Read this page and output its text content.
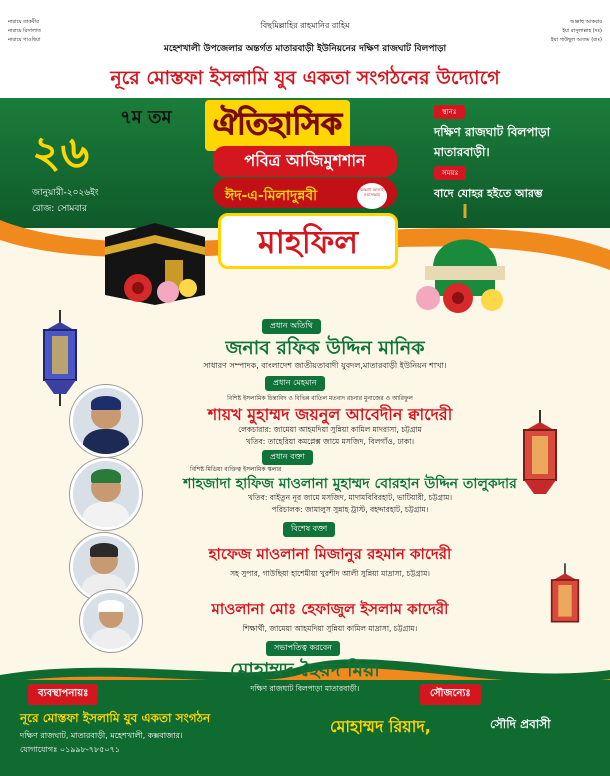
নারায়ে তাকবীর
নারায়ে রিসালাত
নারায়ে গাওছিয়া
আল্লাহু আকবার
ইয়া রাসুলাল্লাহ (দঃ)
ইয়া গাউছুল আজম (রাঃ)
বিছমিল্লাহির রাহমানির রাহিম
মহেশখালী উপজেলার অন্তর্গত মাতারবাড়ী ইউনিয়নের দক্ষিণ রাজঘাট বিলপাড়া
নূরে মোস্তফা ইসলামি যুব একতা সংগঠনের উদ্যোগে
২৬
জানুয়ারী-২০২৬ইং
রোজ: সোমবার
৭ম তম ঐতিহাসিক
পবিত্র আজিমুশশান
ঈদ-এ-মিলাদুন্নবী	সাল্লাল্লাহু আলাইহি ওয়াসাল্লাম
মাহফিল
স্থানঃ
দক্ষিণ রাজঘাট বিলপাড়া
মাতারবাড়ী।
সময়ঃ
বাদে যোহর হইতে আরম্ভ
প্রধান অতিথি
জনাব রফিক উদ্দিন মানিক
সাধারণ সম্পাদক, বাংলাদেশ জাতীয়তাবাদী যুবদল,মাতারবাড়ী ইউনিয়ন শাখা।
প্রধান মেহমান
বিশিষ্ট ইসলামিক চিন্তাবিদ ও বিভিন্ন বাতিল মতবাদ রচনার মুনাজের ও আরিফুল
শায়খ মুহাম্মদ জয়নুল আবেদীন ক্বাদেরী
লেকচারার: জামেয়া আহমদিয়া সুন্নিয়া কামিল মাদরাসা, চট্টগ্রাম
খতিব: তাহেরিয়া কমপ্লেক্স জামে মসজিদ, বিলগাঁও, ঢাকা।
প্রধান বক্তা
বিশিষ্ট মিডিয়া ব্যক্তিত্ব ইসলামিক স্কলার
শাহজাদা হাফিজ মাওলানা মুহাম্মদ বোরহান উদ্দিন তালুকদার
খতিব: বাইতুন নূর জামে মসজিদ, মাদামবিবিরহাট, ভাটিয়ারী, চট্টগ্রাম।
পরিচালক: জামালুস সুন্নাহ ট্রাস্ট, বহদ্দারহাট, চট্টগ্রাম।
বিশেষ বক্তা
হাফেজ মাওলানা মিজানুর রহমান কাদেরী
সহ সুপার, গাউছিয়া হাশেমীয়া খুরশীদ আলী সুন্নিয়া মাদ্রাসা, চট্টগ্রাম।
মাওলানা মোঃ হেফাজুল ইসলাম কাদেরী
শিক্ষার্থী, জামেয়া আহমদিয়া সুন্নিয়া কামিল মাদ্রাসা, চট্টগ্রাম।
সভাপতিত্ব করবেন
মোহাম্মদ ছৈয়দ মিয়া
দক্ষিণ রাজঘাট বিলপাড়া মাতারবাড়ী।
ব্যবস্থাপনায়ঃ	সৌজন্যেঃ
নূরে মোস্তফা ইসলামি যুব একতা সংগঠন
দক্ষিণ রাজঘাট, মাতারবাড়ী, মহেশখালী, কক্সবাজার।
যোগাযোগঃ ০১৯৯৮-৭৮৫০৭১
মোহাম্মদ রিয়াদ,	সৌদি প্রবাসী
